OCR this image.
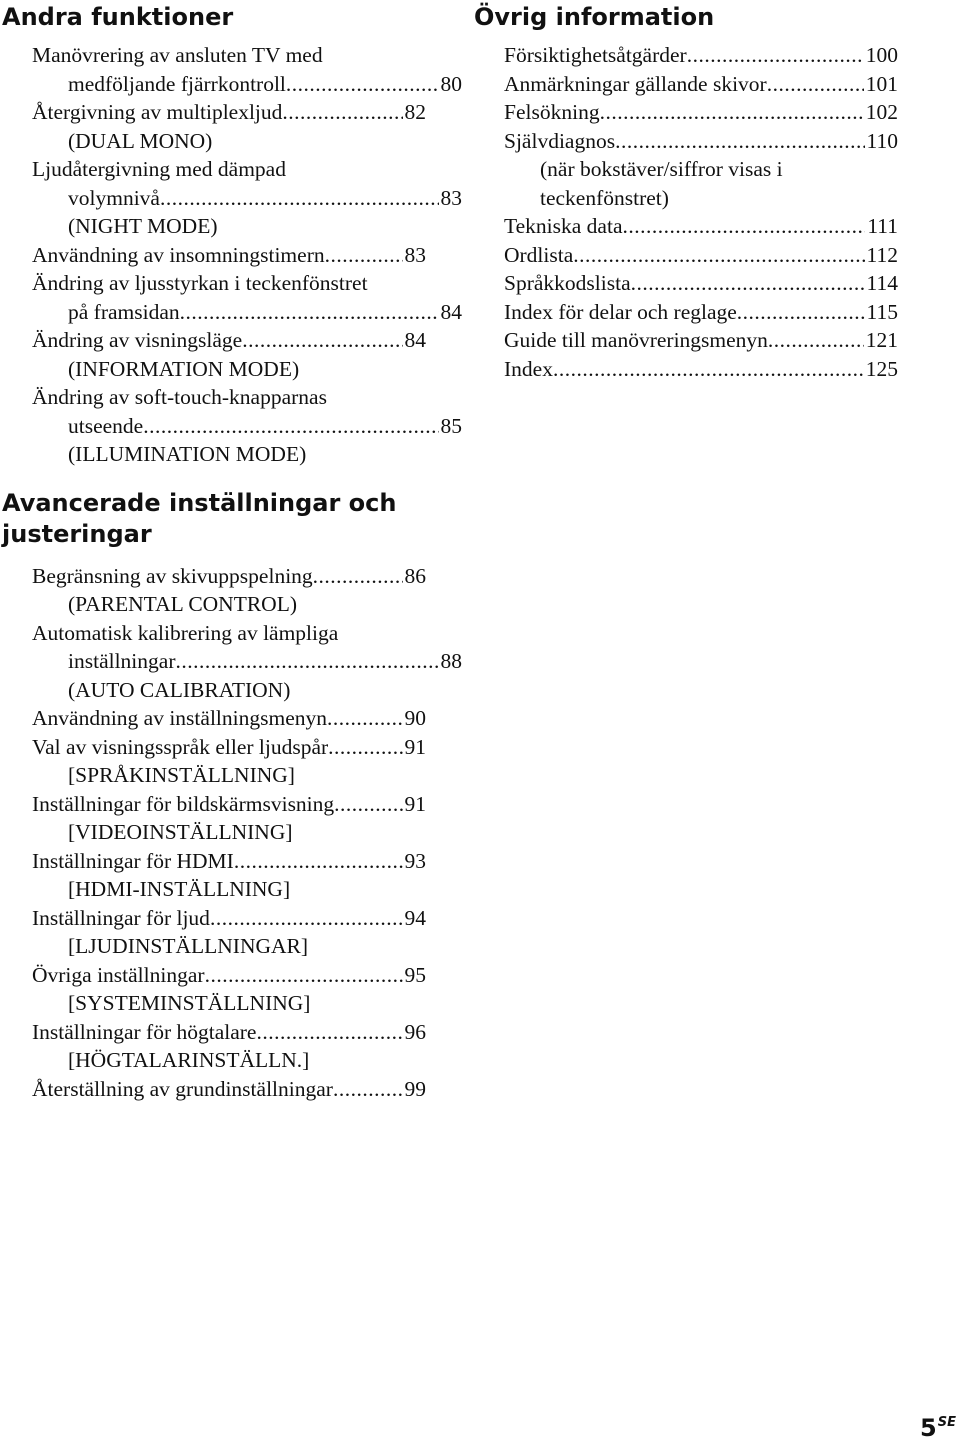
Andra funktioner
Manövrering av ansluten TV med
medföljande fjärrkontroll .....	80
Återgivning av multiplexljud .....	82
(DUAL MONO)
Ljudåtergivning med dämpad
volymnivå .....	83
(NIGHT MODE)
Användning av insomningstimern .....	83
Ändring av ljusstyrkan i teckenfönstret
på framsidan .....	84
Ändring av visningsläge .....	84
(INFORMATION MODE)
Ändring av soft-touch-knapparnas
utseende .....	85
(ILLUMINATION MODE)
Avancerade inställningar och
justeringar
Begränsning av skivuppspelning .....	86
(PARENTAL CONTROL)
Automatisk kalibrering av lämpliga
inställningar .....	88
(AUTO CALIBRATION)
Användning av inställningsmenyn .....	90
Val av visningsspråk eller ljudspår .....	91
[SPRÅKINSTÄLLNING]
Inställningar för bildskärmsvisning .....	91
[VIDEOINSTÄLLNING]
Inställningar för HDMI .....	93
[HDMI-INSTÄLLNING]
Inställningar för ljud .....	94
[LJUDINSTÄLLNINGAR]
Övriga inställningar .....	95
[SYSTEMINSTÄLLNING]
Inställningar för högtalare .....	96
[HÖGTALARINSTÄLLN.]
Återställning av grundinställningar .....	99
Övrig information
Försiktighetsåtgärder .....	100
Anmärkningar gällande skivor .....	101
Felsökning .....	102
Självdiagnos .....	110
(när bokstäver/siffror visas i
teckenfönstret)
Tekniska data .....	111
Ordlista .....	112
Språkkodslista .....	114
Index för delar och reglage .....	115
Guide till manövreringsmenyn .....	121
Index .....	125
$5^{SE}$
